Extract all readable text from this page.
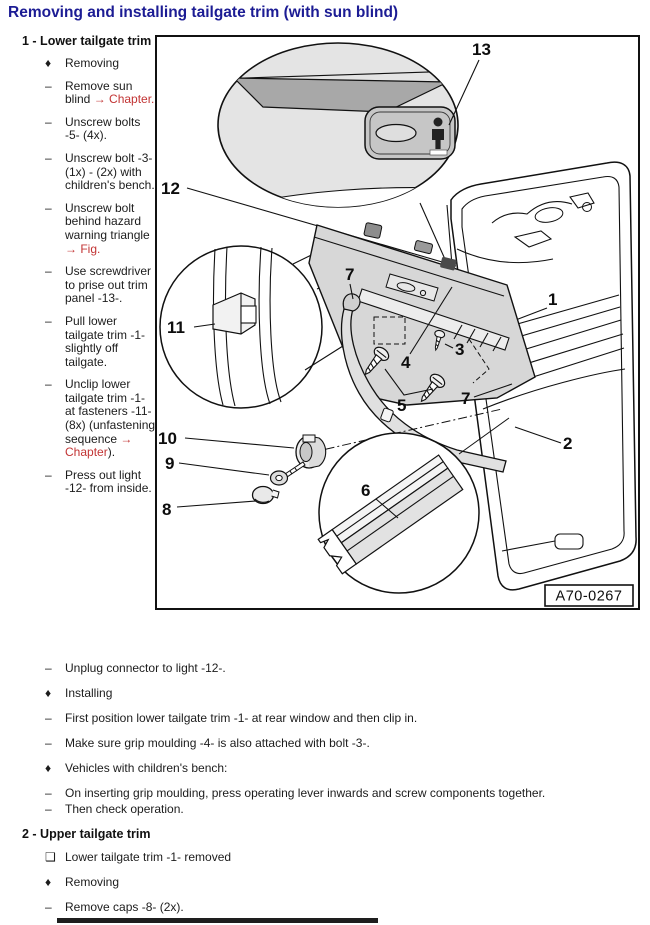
Removing and installing tailgate trim (with sun blind)
1 - Lower tailgate trim
♦	Removing
–	Remove sun blind → Chapter.
–	Unscrew bolts -5- (4x).
–	Unscrew bolt -3- (1x) - (2x) with children's bench.
–	Unscrew bolt behind hazard warning triangle → Fig.
–	Use screwdriver to prise out trim panel -13-.
–	Pull lower tailgate trim -1- slightly off tailgate.
–	Unclip lower tailgate trim -1- at fasteners -11- (8x) (unfastening sequence → Chapter).
–	Press out light -12- from inside.
13
12
11
1
2
5
3
4
7
7
10
9
8
6
A70-0267
–	Unplug connector to light -12-.
♦	Installing
–	First position lower tailgate trim -1- at rear window and then clip in.
–	Make sure grip moulding -4- is also attached with bolt -3-.
♦	Vehicles with children's bench:
–	On inserting grip moulding, press operating lever inwards and screw components together.
–	Then check operation.
2 - Upper tailgate trim
❑ Lower tailgate trim -1- removed
♦	Removing
–	Remove caps -8- (2x).
